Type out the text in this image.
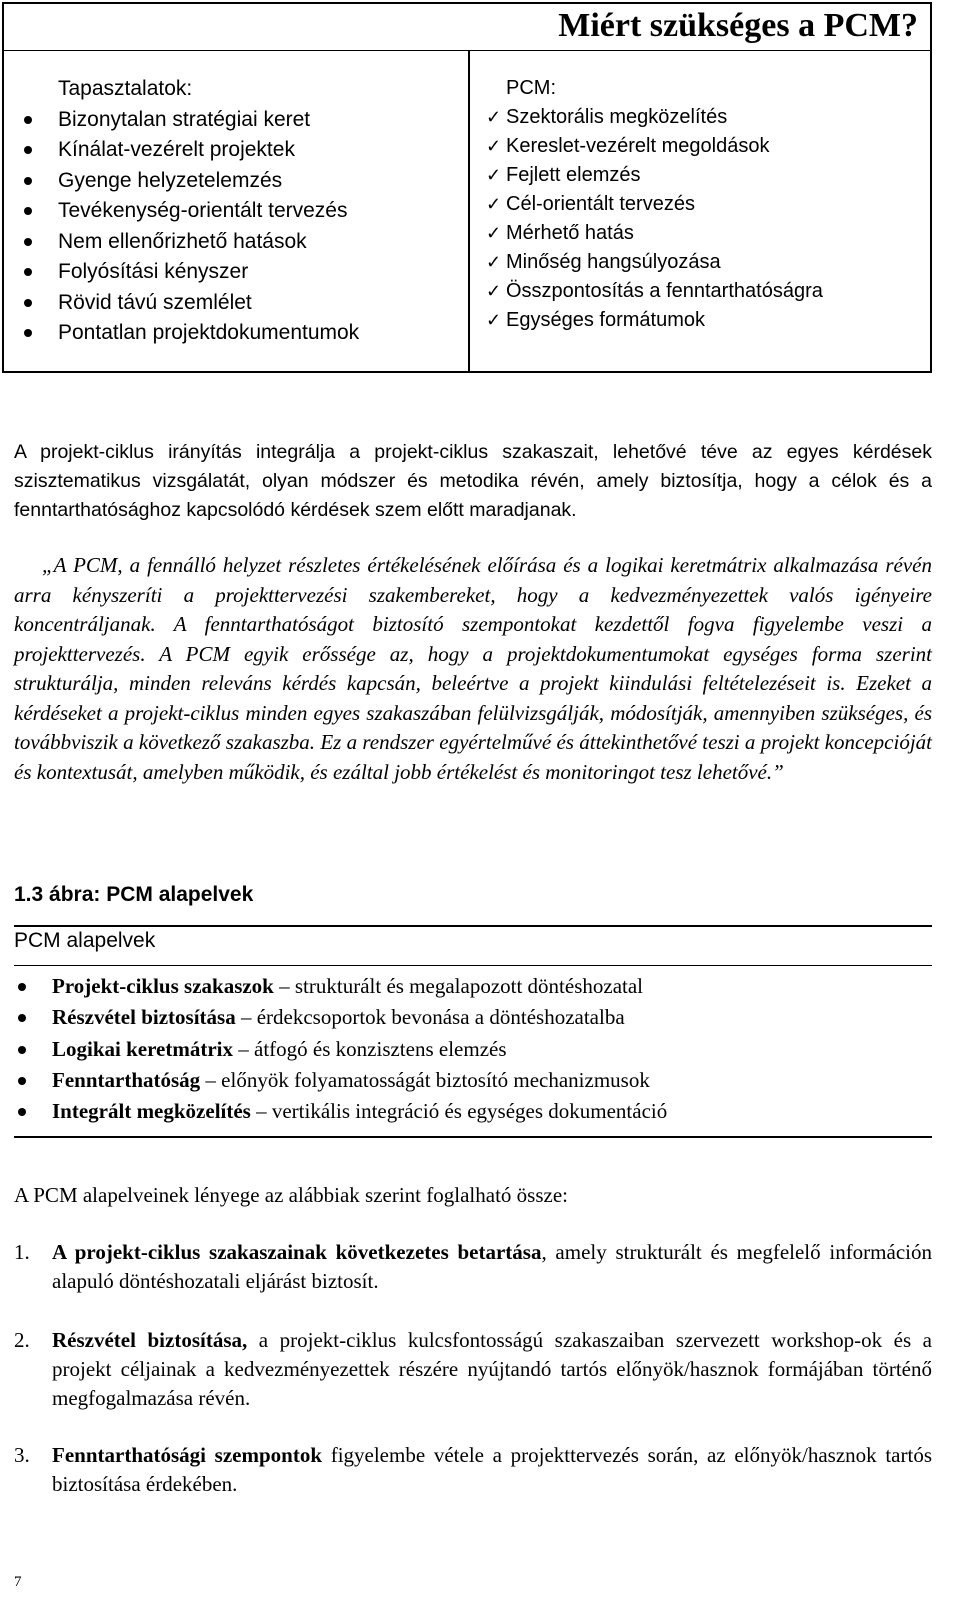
Miért szükséges a PCM?
Tapasztalatok:
Bizonytalan stratégiai keret
Kínálat-vezérelt projektek
Gyenge helyzetelemzés
Tevékenység-orientált tervezés
Nem ellenőrizhető hatások
Folyósítási kényszer
Rövid távú szemlélet
Pontatlan projektdokumentumok
PCM:
✓ Szektorális megközelítés
✓ Kereslet-vezérelt megoldások
✓ Fejlett elemzés
✓ Cél-orientált tervezés
✓ Mérhető hatás
✓ Minőség hangsúlyozása
✓ Összpontosítás a fenntarthatóságra
✓ Egységes formátumok
A projekt-ciklus irányítás integrálja a projekt-ciklus szakaszait, lehetővé téve az egyes kérdések szisztematikus vizsgálatát, olyan módszer és metodika révén, amely biztosítja, hogy a célok és a fenntarthatósághoz kapcsolódó kérdések szem előtt maradjanak.
„A PCM, a fennálló helyzet részletes értékelésének előírása és a logikai keretmátrix alkalmazása révén arra kényszeríti a projekttervezési szakembereket, hogy a kedvezményezettek valós igényeire koncentráljanak. A fenntarthatóságot biztosító szempontokat kezdettől fogva figyelembe veszi a projekttervezés. A PCM egyik erőssége az, hogy a projektdokumentumokat egységes forma szerint strukturálja, minden releváns kérdés kapcsán, beleértve a projekt kiindulási feltételezéseit is. Ezeket a kérdéseket a projekt-ciklus minden egyes szakaszában felülvizsgálják, módosítják, amennyiben szükséges, és továbbviszik a következő szakaszba. Ez a rendszer egyértelművé és áttekinthetővé teszi a projekt koncepcióját és kontextusát, amelyben működik, és ezáltal jobb értékelést és monitoringot tesz lehetővé.”
1.3 ábra: PCM alapelvek
PCM alapelvek
Projekt-ciklus szakaszok – strukturált és megalapozott döntéshozatal
Részvétel biztosítása – érdekcsoportok bevonása a döntéshozatalba
Logikai keretmátrix – átfogó és konzisztens elemzés
Fenntarthatóság – előnyök folyamatosságát biztosító mechanizmusok
Integrált megközelítés – vertikális integráció és egységes dokumentáció
A PCM alapelveinek lényege az alábbiak szerint foglalható össze:
1.	A projekt-ciklus szakaszainak következetes betartása, amely strukturált és megfelelő információn alapuló döntéshozatali eljárást biztosít.
2.	Részvétel biztosítása, a projekt-ciklus kulcsfontosságú szakaszaiban szervezett workshop-ok és a projekt céljainak a kedvezményezettek részére nyújtandó tartós előnyök/hasznok formájában történő megfogalmazása révén.
3.	Fenntarthatósági szempontok figyelembe vétele a projekttervezés során, az előnyök/hasznok tartós biztosítása érdekében.
7
